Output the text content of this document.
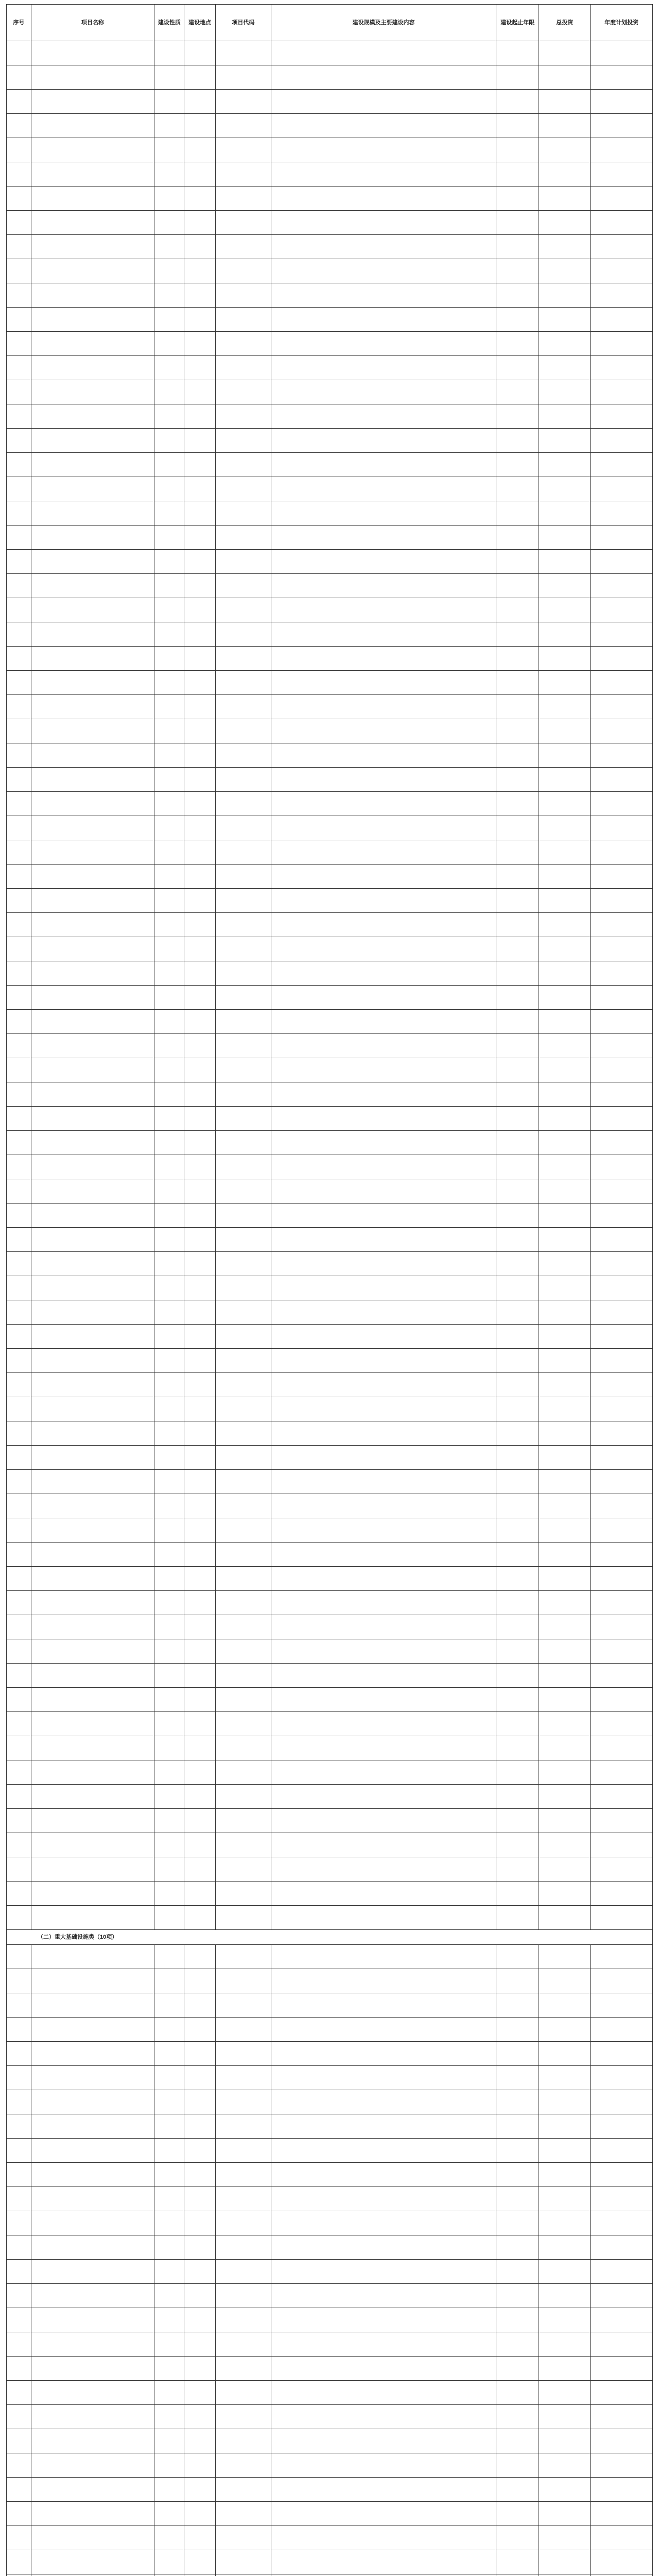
序号	项目名称	建设性质	建设地点	项目代码	建设规模及主要建设内容	建设起止年限	总投资	年度计划投资

（二）重大基础设施类（10项）								
